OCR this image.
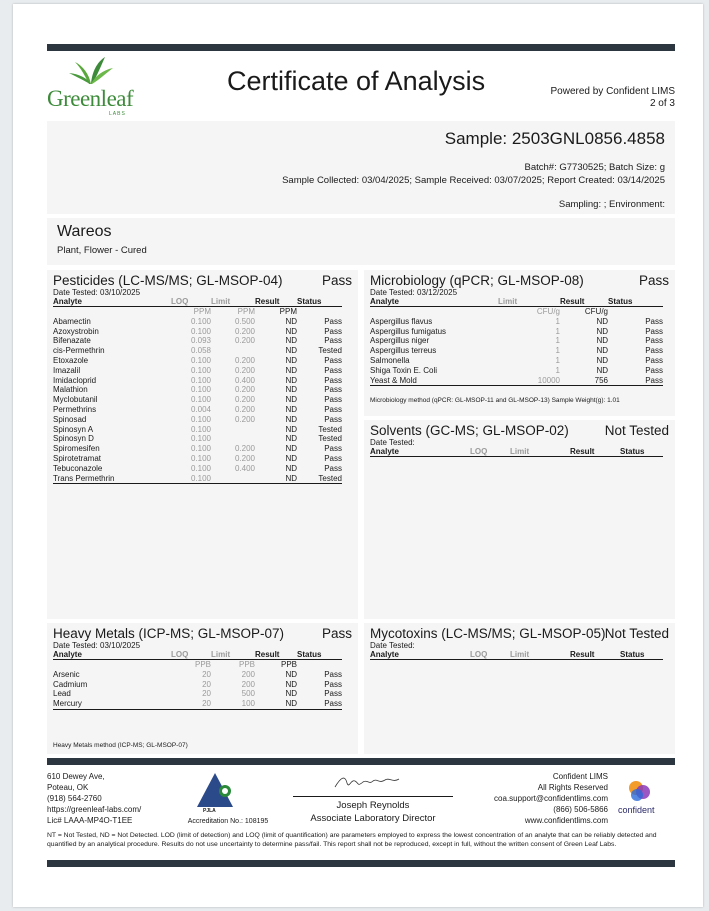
Greenleaf
LABS
Certificate of Analysis	Powered by Confident LIMS
2 of 3
Sample: 2503GNL0856.4858
Batch#: G7730525; Batch Size: g
Sample Collected: 03/04/2025; Sample Received: 03/07/2025; Report Created: 03/14/2025
Sampling: ; Environment:
Wareos
Plant, Flower - Cured
Pesticides (LC-MS/MS; GL-MSOP-04)	Pass
Date Tested: 03/10/2025
Analyte	LOQ	Limit	Result	Status
	PPM	PPM	PPM	
Abamectin	0.100	0.500	ND	Pass
Azoxystrobin	0.100	0.200	ND	Pass
Bifenazate	0.093	0.200	ND	Pass
cis-Permethrin	0.058		ND	Tested
Etoxazole	0.100	0.200	ND	Pass
Imazalil	0.100	0.200	ND	Pass
Imidacloprid	0.100	0.400	ND	Pass
Malathion	0.100	0.200	ND	Pass
Myclobutanil	0.100	0.200	ND	Pass
Permethrins	0.004	0.200	ND	Pass
Spinosad	0.100	0.200	ND	Pass
Spinosyn A	0.100		ND	Tested
Spinosyn D	0.100		ND	Tested
Spiromesifen	0.100	0.200	ND	Pass
Spirotetramat	0.100	0.200	ND	Pass
Tebuconazole	0.100	0.400	ND	Pass
Trans Permethrin	0.100		ND	Tested
Microbiology (qPCR; GL-MSOP-08)	Pass
Date Tested: 03/12/2025
Analyte	Limit	Result	Status
	CFU/g	CFU/g	
Aspergillus flavus	1	ND	Pass
Aspergillus fumigatus	1	ND	Pass
Aspergillus niger	1	ND	Pass
Aspergillus terreus	1	ND	Pass
Salmonella	1	ND	Pass
Shiga Toxin E. Coli	1	ND	Pass
Yeast & Mold	10000	756	Pass
Microbiology method (qPCR: GL-MSOP-11 and GL-MSOP-13) Sample Weight(g): 1.01
Solvents (GC-MS; GL-MSOP-02)	Not Tested
Date Tested:
Analyte	LOQ	Limit	Result	Status
Heavy Metals (ICP-MS; GL-MSOP-07)	Pass
Date Tested: 03/10/2025
Analyte	LOQ	Limit	Result	Status
	PPB	PPB	PPB	
Arsenic	20	200	ND	Pass
Cadmium	20	200	ND	Pass
Lead	20	500	ND	Pass
Mercury	20	100	ND	Pass
Heavy Metals method (ICP-MS; GL-MSOP-07)
Mycotoxins (LC-MS/MS; GL-MSOP-05) Not Tested
Date Tested:
Analyte	LOQ	Limit	Result	Status
610 Dewey Ave,
Poteau, OK
(918) 564-2760
https://greenleaf-labs.com/
Lic# LAAA-MP4O-T1EE
PJLA
Accreditation No.: 108195
Joseph Reynolds
Associate Laboratory Director
Confident LIMS
All Rights Reserved
coa.support@confidentlims.com
(866) 506-5866
www.confidentlims.com
confident
NT = Not Tested, ND = Not Detected. LOD (limit of detection) and LOQ (limit of quantification) are parameters employed to express the lowest concentration of an analyte that can be reliably detected and quantified by an analytical procedure. Results do not use uncertainty to determine pass/fail. This report shall not be reproduced, except in full, without the written consent of Green Leaf Labs.
